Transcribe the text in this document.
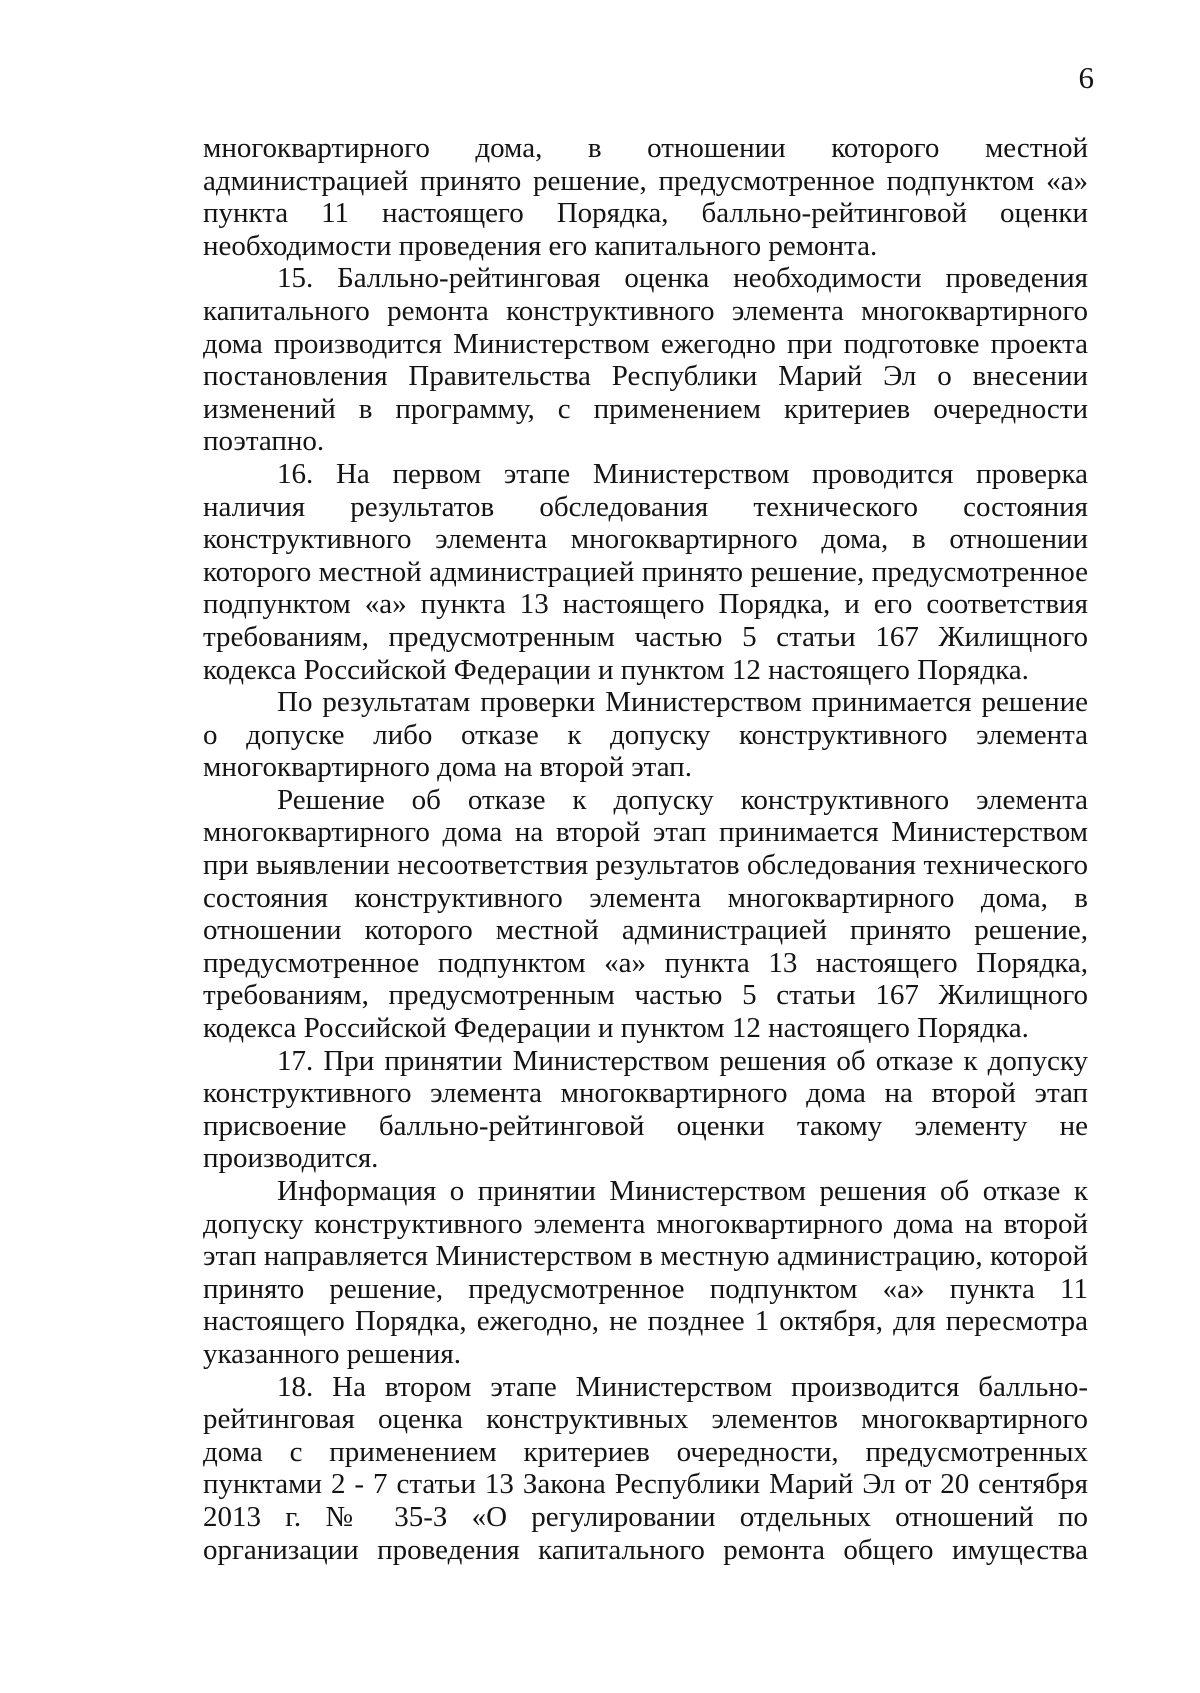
6

многоквартирного дома, в отношении которого местной администрацией принято решение, предусмотренное подпунктом «а» пункта 11 настоящего Порядка, балльно-рейтинговой оценки необходимости проведения его капитального ремонта.

15. Балльно-рейтинговая оценка необходимости проведения капитального ремонта конструктивного элемента многоквартирного дома производится Министерством ежегодно при подготовке проекта постановления Правительства Республики Марий Эл о внесении изменений в программу, с применением критериев очередности поэтапно.

16. На первом этапе Министерством проводится проверка наличия результатов обследования технического состояния конструктивного элемента многоквартирного дома, в отношении которого местной администрацией принято решение, предусмотренное подпунктом «а» пункта 13 настоящего Порядка, и его соответствия требованиям, предусмотренным частью 5 статьи 167 Жилищного кодекса Российской Федерации и пунктом 12 настоящего Порядка.

По результатам проверки Министерством принимается решение о допуске либо отказе к допуску конструктивного элемента многоквартирного дома на второй этап.

Решение об отказе к допуску конструктивного элемента многоквартирного дома на второй этап принимается Министерством при выявлении несоответствия результатов обследования технического состояния конструктивного элемента многоквартирного дома, в отношении которого местной администрацией принято решение, предусмотренное подпунктом «а» пункта 13 настоящего Порядка, требованиям, предусмотренным частью 5 статьи 167 Жилищного кодекса Российской Федерации и пунктом 12 настоящего Порядка.

17. При принятии Министерством решения об отказе к допуску конструктивного элемента многоквартирного дома на второй этап присвоение балльно-рейтинговой оценки такому элементу не производится.

Информация о принятии Министерством решения об отказе к допуску конструктивного элемента многоквартирного дома на второй этап направляется Министерством в местную администрацию, которой принято решение, предусмотренное подпунктом «а» пункта 11 настоящего Порядка, ежегодно, не позднее 1 октября, для пересмотра указанного решения.

18. На втором этапе Министерством производится балльно-рейтинговая оценка конструктивных элементов многоквартирного дома с применением критериев очередности, предусмотренных пунктами 2 - 7 статьи 13 Закона Республики Марий Эл от 20 сентября 2013 г. № 35-З «О регулировании отдельных отношений по организации проведения капитального ремонта общего имущества
